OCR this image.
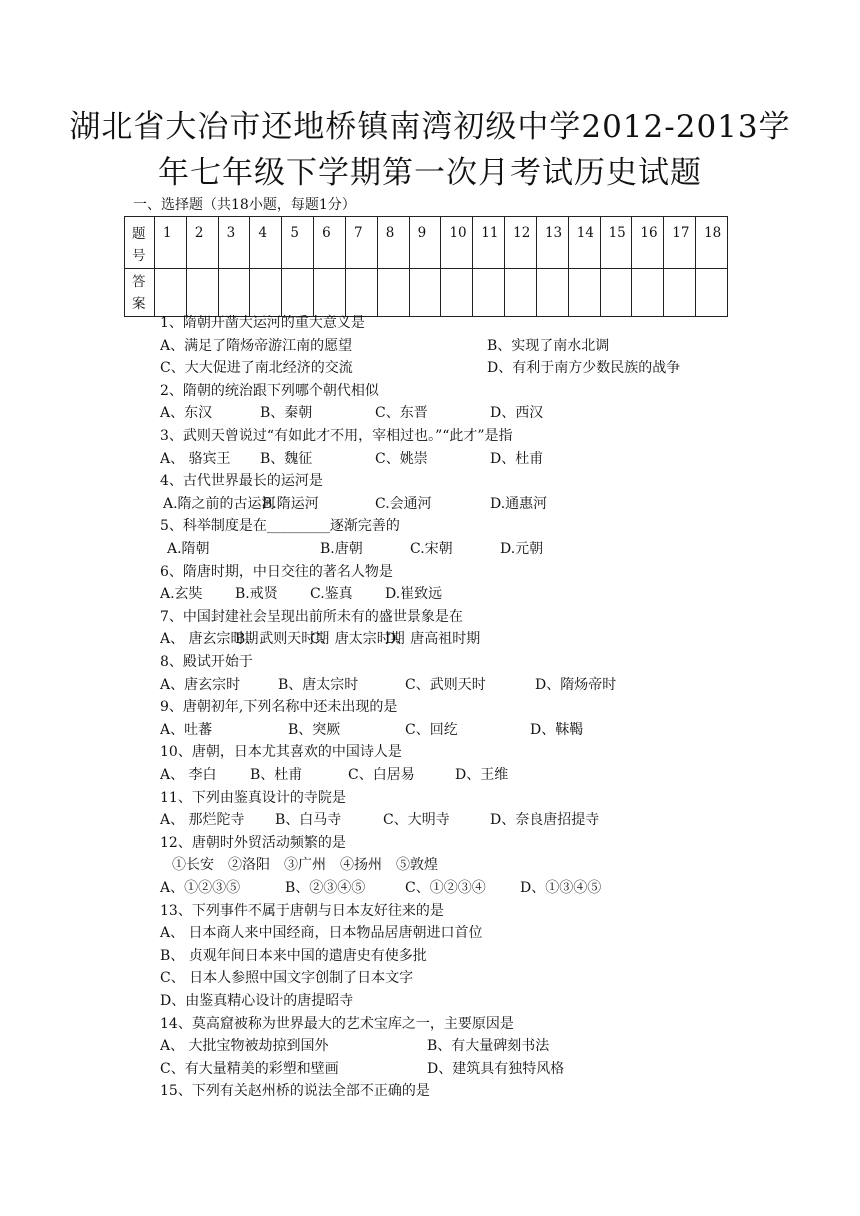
湖北省大冶市还地桥镇南湾初级中学2012-2013学
年七年级下学期第一次月考试历史试题
一、选择题（共18小题，每题1分）
题号	1	2	3	4	5	6	7	8	9	10	11	12	13	14	15	16	17	18
答案																		
1、隋朝开凿大运河的重大意义是
A、满足了隋炀帝游江南的愿望	B、实现了南水北调
C、大大促进了南北经济的交流	D、有利于南方少数民族的战争
2、隋朝的统治跟下列哪个朝代相似
A、东汉	B、秦朝	C、东晋	D、西汉
3、武则天曾说过“有如此才不用，宰相过也。”“此才”是指
A、 骆宾王 B、魏征	C、姚崇	D、杜甫
4、古代世界最长的运河是
A.隋之前的古运河
B.隋运河	C.会通河	D.通惠河
5、科举制度是在_________逐渐完善的
A.隋朝	B.唐朝	C.宋朝	D.元朝
6、隋唐时期，中日交往的著名人物是
A.玄奘 B.戒贤 C.鉴真 D.崔致远
7、中国封建社会呈现出前所未有的盛世景象是在
A、 唐玄宗时期
B、武则天时期
C、唐太宗时期
D、唐高祖时期
8、殿试开始于
A、唐玄宗时	B、唐太宗时	C、武则天时	D、隋炀帝时
9、唐朝初年,下列名称中还未出现的是
A、吐蕃	B、突厥	C、回纥	D、靺鞨
10、唐朝，日本尤其喜欢的中国诗人是
A、 李白 B、杜甫	C、白居易	D、王维
11、下列由鉴真设计的寺院是
A、 那烂陀寺 B、白马寺	C、大明寺	D、奈良唐招提寺
12、唐朝时外贸活动频繁的是
①长安　②洛阳　③广州　④扬州　⑤敦煌
A、①②③⑤	B、②③④⑤	C、①②③④ D、①③④⑤
13、下列事件不属于唐朝与日本友好往来的是
A、 日本商人来中国经商，日本物品居唐朝进口首位
B、 贞观年间日本来中国的遣唐史有使多批
C、 日本人参照中国文字创制了日本文字
D、由鉴真精心设计的唐提昭寺
14、莫高窟被称为世界最大的艺术宝库之一，主要原因是
A、 大批宝物被劫掠到国外	B、有大量碑刻书法
C、有大量精美的彩塑和壁画	D、建筑具有独特风格
15、下列有关赵州桥的说法全部不正确的是
